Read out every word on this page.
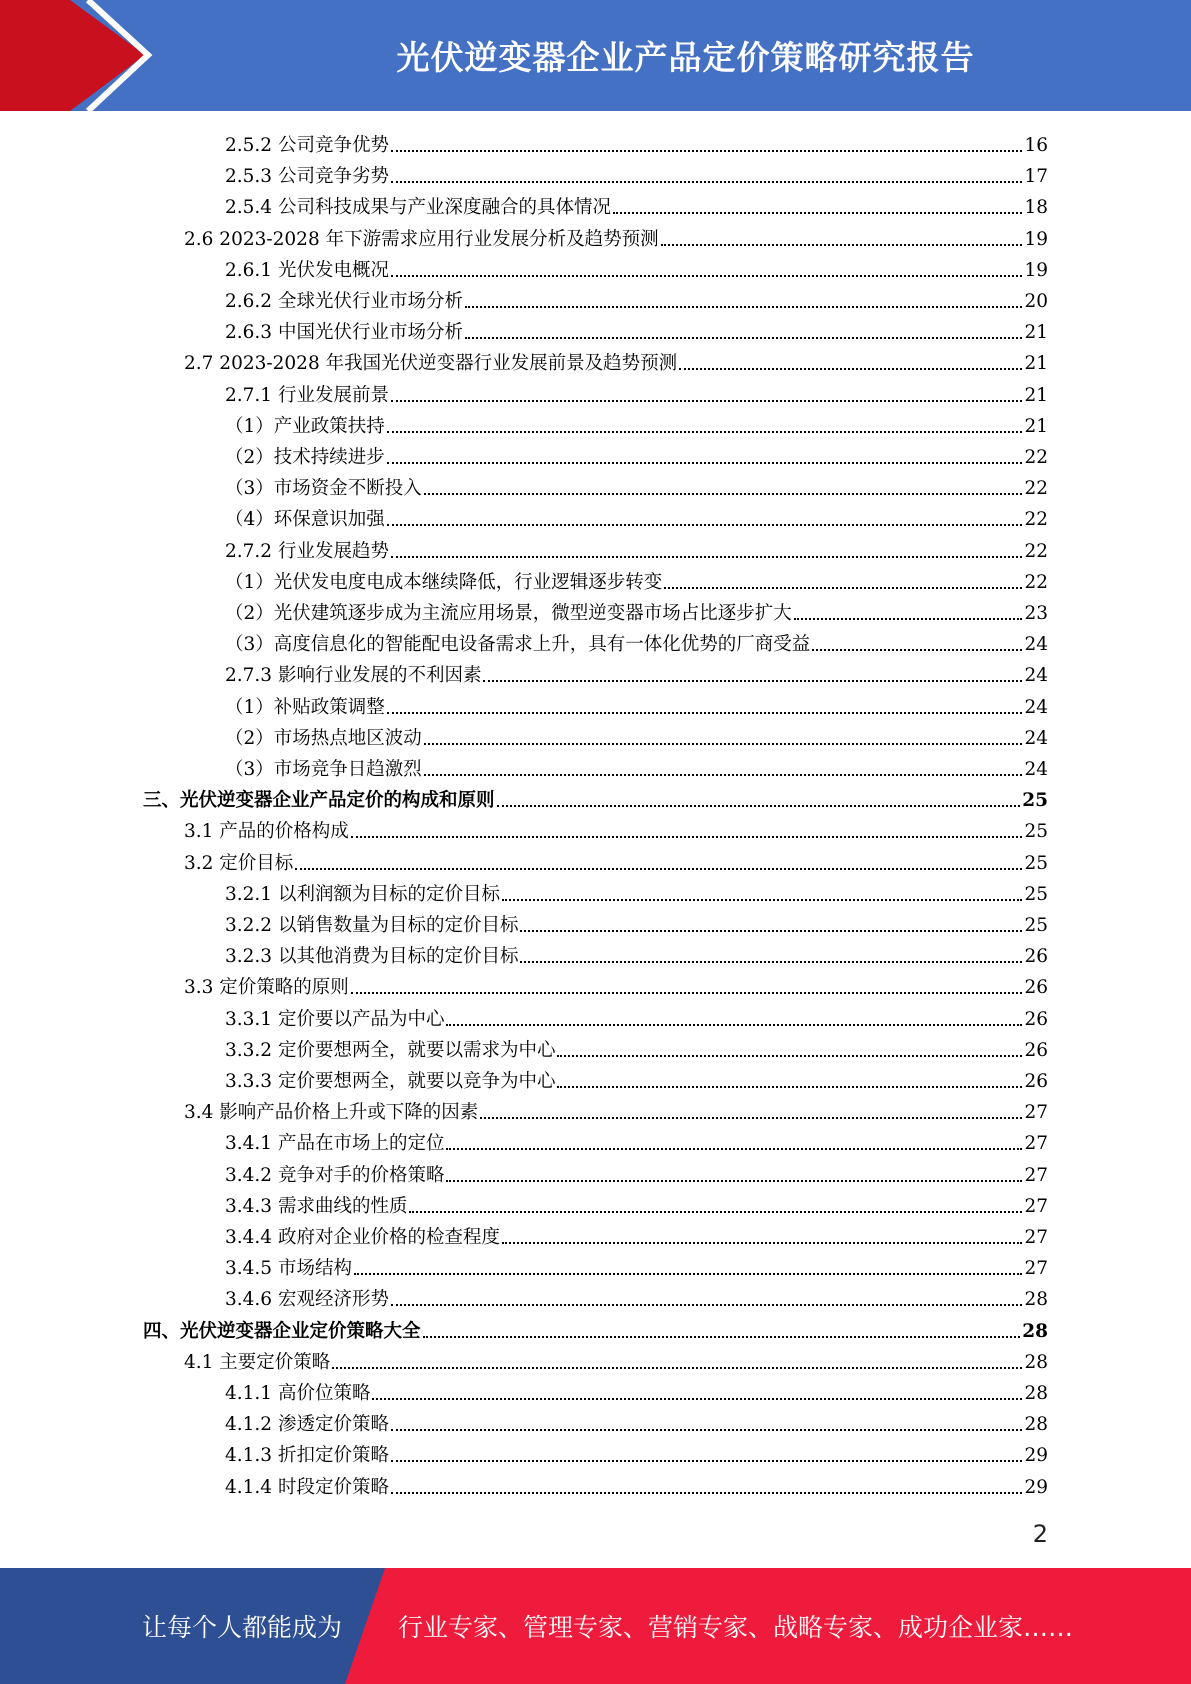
光伏逆变器企业产品定价策略研究报告
2.5.2 公司竞争优势	16
2.5.3 公司竞争劣势	17
2.5.4 公司科技成果与产业深度融合的具体情况	18
2.6 2023-2028 年下游需求应用行业发展分析及趋势预测	19
2.6.1 光伏发电概况	19
2.6.2 全球光伏行业市场分析	20
2.6.3 中国光伏行业市场分析	21
2.7 2023-2028 年我国光伏逆变器行业发展前景及趋势预测	21
2.7.1 行业发展前景	21
（1）产业政策扶持	21
（2）技术持续进步	22
（3）市场资金不断投入	22
（4）环保意识加强	22
2.7.2 行业发展趋势	22
（1）光伏发电度电成本继续降低，行业逻辑逐步转变	22
（2）光伏建筑逐步成为主流应用场景，微型逆变器市场占比逐步扩大	23
（3）高度信息化的智能配电设备需求上升，具有一体化优势的厂商受益	24
2.7.3 影响行业发展的不利因素	24
（1）补贴政策调整	24
（2）市场热点地区波动	24
（3）市场竞争日趋激烈	24
三、光伏逆变器企业产品定价的构成和原则	25
3.1 产品的价格构成	25
3.2 定价目标	25
3.2.1 以利润额为目标的定价目标	25
3.2.2 以销售数量为目标的定价目标	25
3.2.3 以其他消费为目标的定价目标	26
3.3 定价策略的原则	26
3.3.1 定价要以产品为中心	26
3.3.2 定价要想两全，就要以需求为中心	26
3.3.3 定价要想两全，就要以竞争为中心	26
3.4 影响产品价格上升或下降的因素	27
3.4.1 产品在市场上的定位	27
3.4.2 竞争对手的价格策略	27
3.4.3 需求曲线的性质	27
3.4.4 政府对企业价格的检查程度	27
3.4.5 市场结构	27
3.4.6 宏观经济形势	28
四、光伏逆变器企业定价策略大全	28
4.1 主要定价策略	28
4.1.1 高价位策略	28
4.1.2 渗透定价策略	28
4.1.3 折扣定价策略	29
4.1.4 时段定价策略	29
2
让每个人都能成为 行业专家、管理专家、营销专家、战略专家、成功企业家……
